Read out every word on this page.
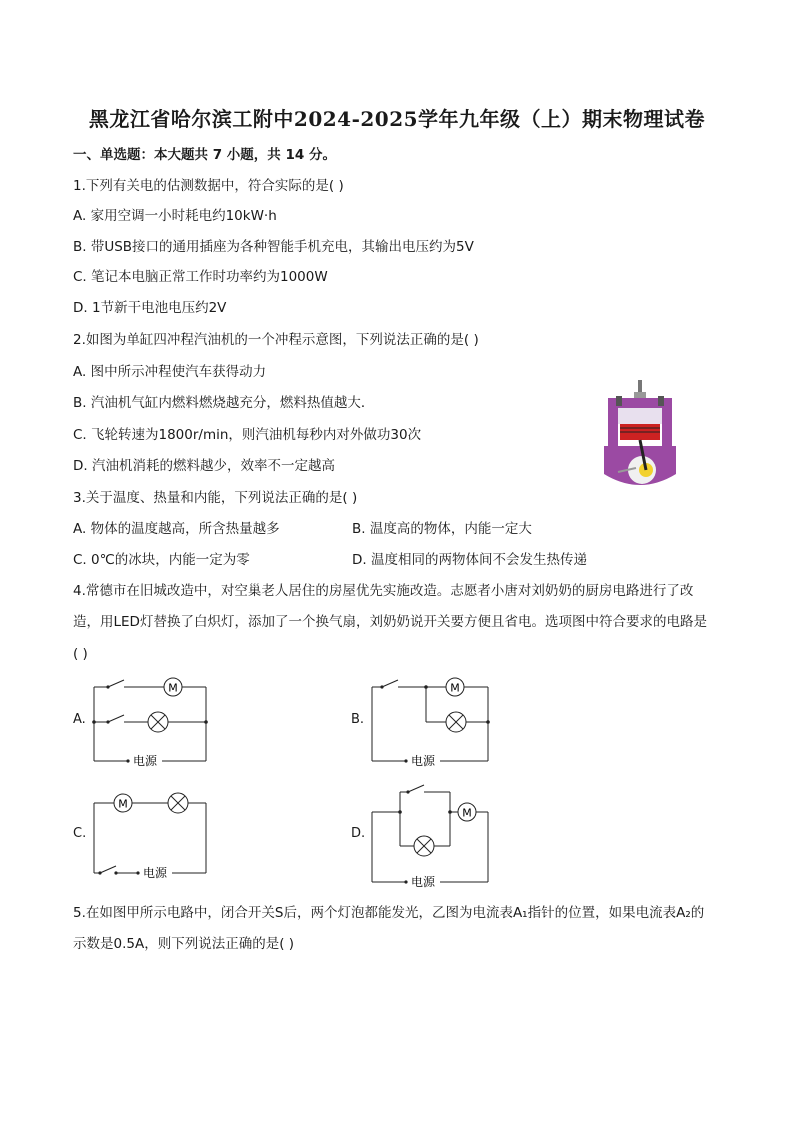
黑龙江省哈尔滨工附中2024-2025学年九年级（上）期末物理试卷
一、单选题：本大题共 7 小题，共 14 分。
1.下列有关电的估测数据中，符合实际的是( )
A. 家用空调一小时耗电约10kW·h
B. 带USB接口的通用插座为各种智能手机充电，其输出电压约为5V
C. 笔记本电脑正常工作时功率约为1000W
D. 1节新干电池电压约2V
2.如图为单缸四冲程汽油机的一个冲程示意图，下列说法正确的是( )
A. 图中所示冲程使汽车获得动力
B. 汽油机气缸内燃料燃烧越充分，燃料热值越大．
C. 飞轮转速为1800r/min，则汽油机每秒内对外做功30次
D. 汽油机消耗的燃料越少，效率不一定越高
3.关于温度、热量和内能，下列说法正确的是( )
A. 物体的温度越高，所含热量越多	B. 温度高的物体，内能一定大
C. 0℃的冰块，内能一定为零	D. 温度相同的两物体间不会发生热传递
4.常德市在旧城改造中，对空巢老人居住的房屋优先实施改造。志愿者小唐对刘奶奶的厨房电路进行了改
造，用LED灯替换了白炽灯，添加了一个换气扇，刘奶奶说开关要方便且省电。选项图中符合要求的电路是
( )
A.
M
电源
B.
M
电源
C.
M
电源
D.
M
电源
5.在如图甲所示电路中，闭合开关S后，两个灯泡都能发光，乙图为电流表A₁指针的位置，如果电流表A₂的
示数是0.5A，则下列说法正确的是( )
